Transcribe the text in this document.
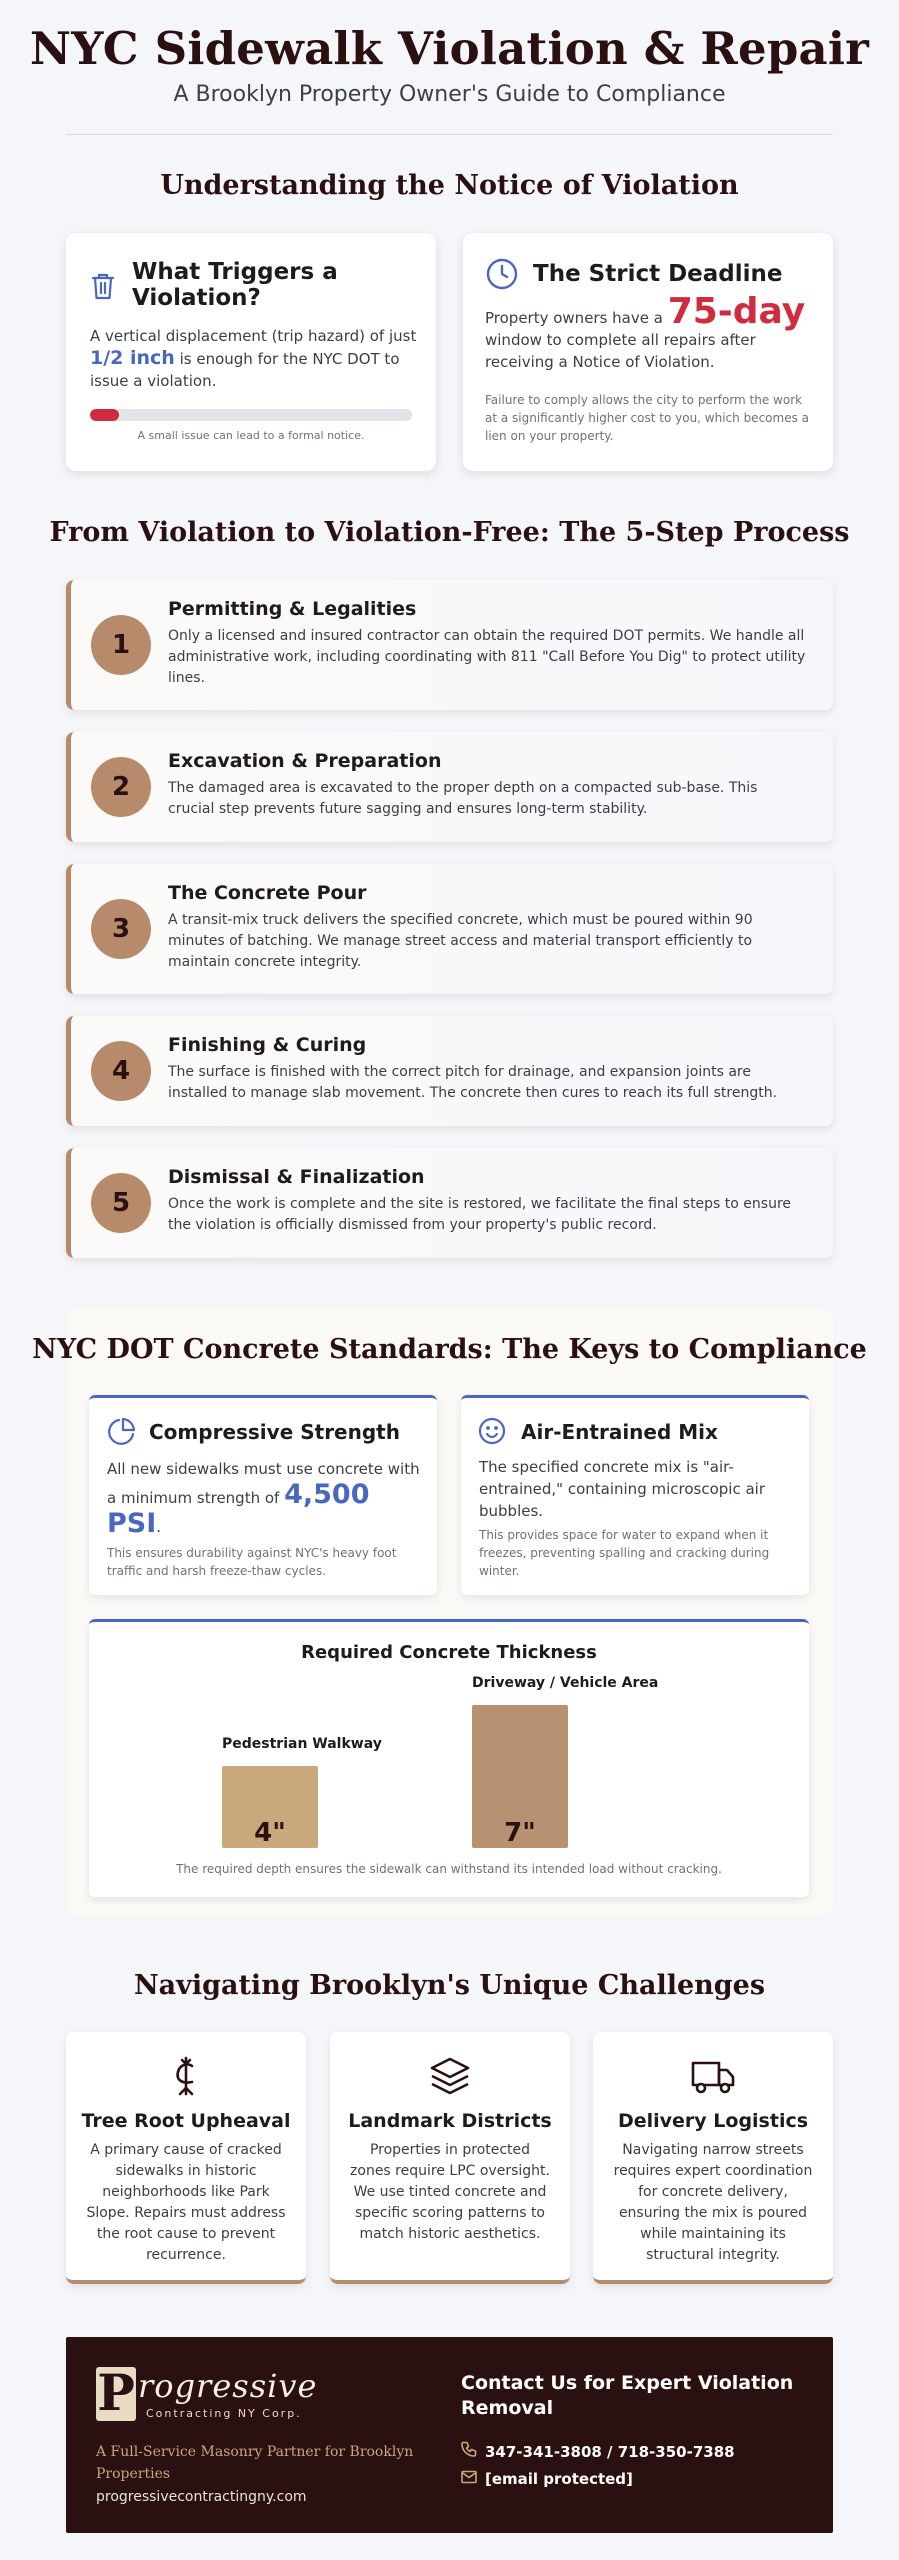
NYC Sidewalk Violation & Repair
A Brooklyn Property Owner's Guide to Compliance
Understanding the Notice of Violation
What Triggers a Violation?

A vertical displacement (trip hazard) of just 1/2 inch is enough for the NYC DOT to issue a violation.

A small issue can lead to a formal notice.
The Strict Deadline

Property owners have a 75-day window to complete all repairs after receiving a Notice of Violation.

Failure to comply allows the city to perform the work at a significantly higher cost to you, which becomes a lien on your property.
From Violation to Violation-Free: The 5-Step Process
1
Permitting & Legalities
Only a licensed and insured contractor can obtain the required DOT permits. We handle all administrative work, including coordinating with 811 "Call Before You Dig" to protect utility lines.
2
Excavation & Preparation
The damaged area is excavated to the proper depth on a compacted sub-base. This crucial step prevents future sagging and ensures long-term stability.
3
The Concrete Pour
A transit-mix truck delivers the specified concrete, which must be poured within 90 minutes of batching. We manage street access and material transport efficiently to maintain concrete integrity.
4
Finishing & Curing
The surface is finished with the correct pitch for drainage, and expansion joints are installed to manage slab movement. The concrete then cures to reach its full strength.
5
Dismissal & Finalization
Once the work is complete and the site is restored, we facilitate the final steps to ensure the violation is officially dismissed from your property's public record.
NYC DOT Concrete Standards: The Keys to Compliance
Compressive Strength

All new sidewalks must use concrete with a minimum strength of 4,500 PSI.

This ensures durability against NYC's heavy foot traffic and harsh freeze-thaw cycles.
Air-Entrained Mix

The specified concrete mix is "air-entrained," containing microscopic air bubbles.

This provides space for water to expand when it freezes, preventing spalling and cracking during winter.
Required Concrete Thickness
4"
Pedestrian Walkway
7"
Driveway / Vehicle Area
The required depth ensures the sidewalk can withstand its intended load without cracking.
Navigating Brooklyn's Unique Challenges
Tree Root Upheaval
A primary cause of cracked sidewalks in historic neighborhoods like Park Slope. Repairs must address the root cause to prevent recurrence.
Landmark Districts
Properties in protected zones require LPC oversight. We use tinted concrete and specific scoring patterns to match historic aesthetics.
Delivery Logistics
Navigating narrow streets requires expert coordination for concrete delivery, ensuring the mix is poured while maintaining its structural integrity.
P rogressive
Contracting NY Corp.
A Full-Service Masonry Partner for Brooklyn Properties
progressivecontractingny.com
Contact Us for Expert Violation Removal
347-341-3808 / 718-350-7388
[email protected]
